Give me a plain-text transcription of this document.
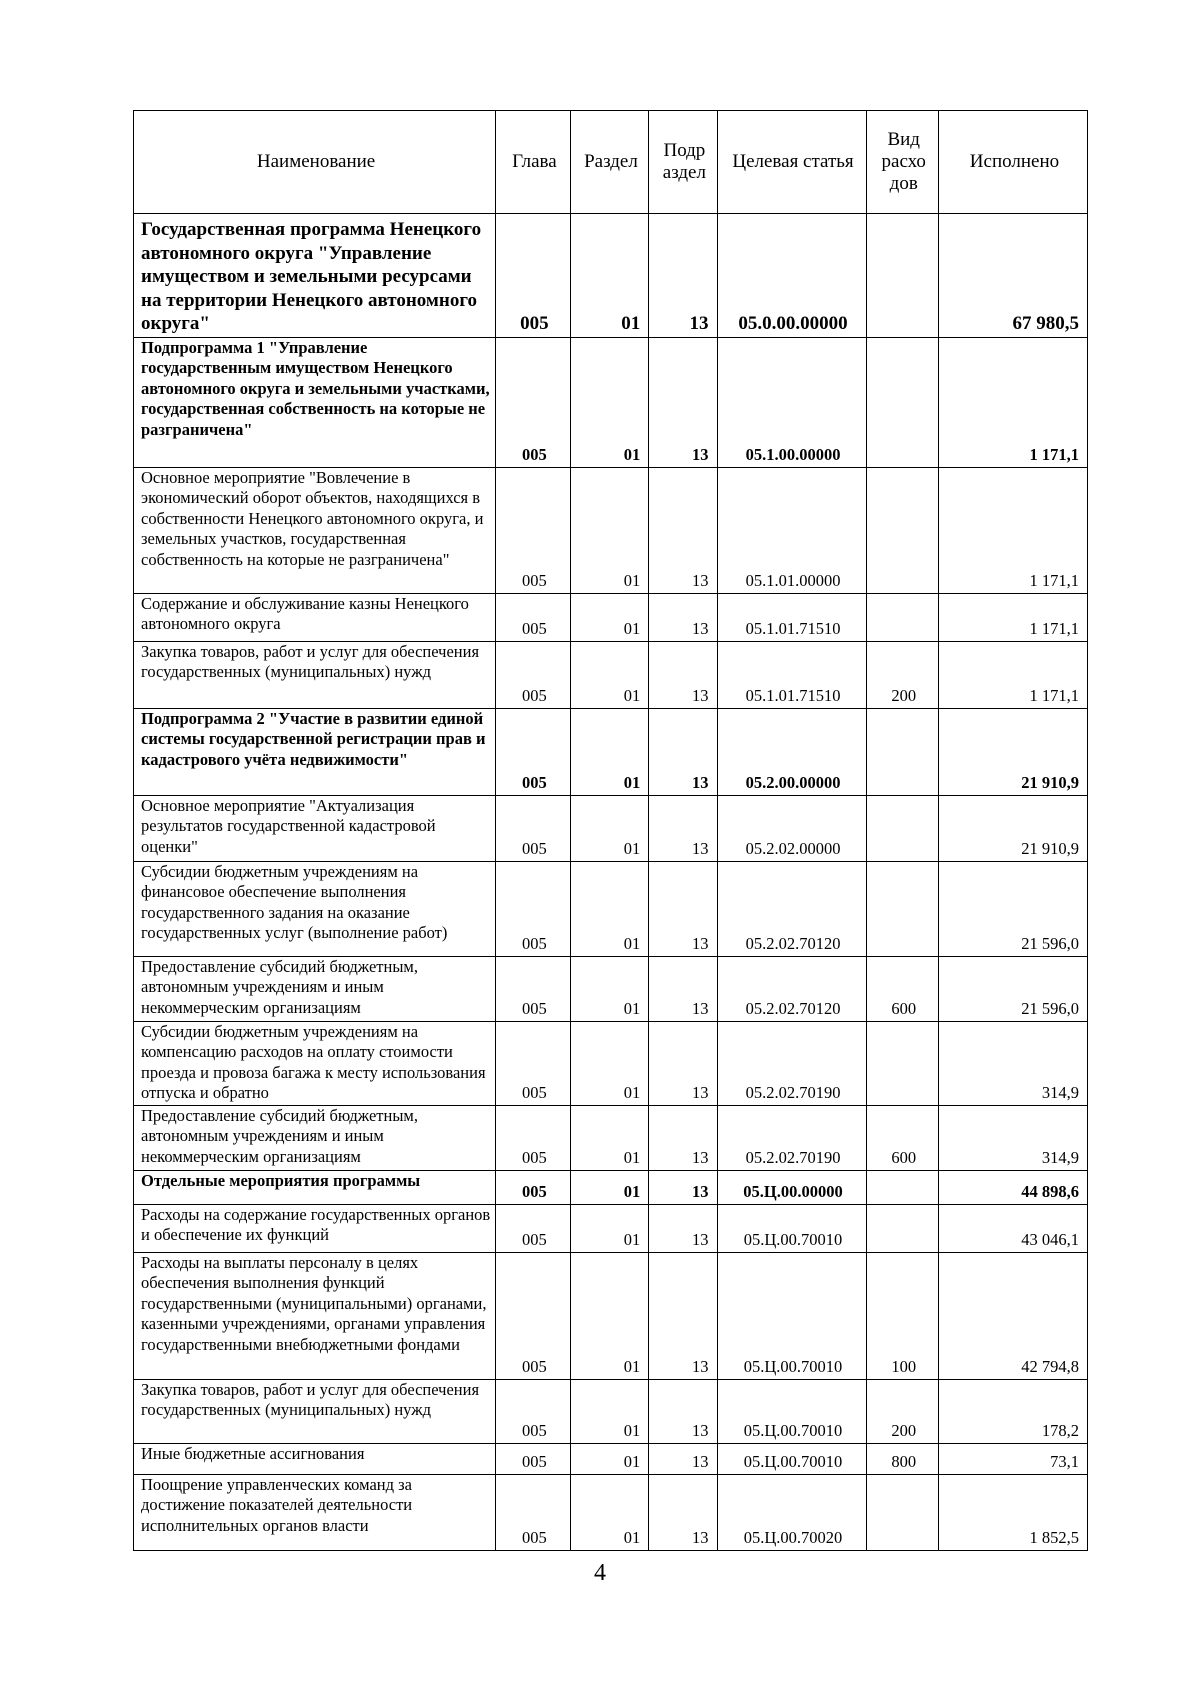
Наименование	Глава	Раздел	Подр аздел	Целевая статья	Вид расхо дов	Исполнено
Государственная программа Ненецкого автономного округа "Управление имуществом и земельными ресурсами на территории Ненецкого автономного округа"	005	01	13	05.0.00.00000		67 980,5
Подпрограмма 1 "Управление государственным имуществом Ненецкого автономного округа и земельными участками, государственная собственность на которые не разграничена"	005	01	13	05.1.00.00000		1 171,1
Основное мероприятие "Вовлечение в экономический оборот объектов, находящихся в собственности Ненецкого автономного округа, и земельных участков, государственная собственность на которые не разграничена"	005	01	13	05.1.01.00000		1 171,1
Содержание и обслуживание казны Ненецкого автономного округа	005	01	13	05.1.01.71510		1 171,1
Закупка товаров, работ и услуг для обеспечения государственных (муниципальных) нужд	005	01	13	05.1.01.71510	200	1 171,1
Подпрограмма 2 "Участие в развитии единой системы государственной регистрации прав и кадастрового учёта недвижимости"	005	01	13	05.2.00.00000		21 910,9
Основное мероприятие "Актуализация результатов государственной кадастровой оценки"	005	01	13	05.2.02.00000		21 910,9
Субсидии бюджетным учреждениям на финансовое обеспечение выполнения государственного задания на оказание государственных услуг (выполнение работ)	005	01	13	05.2.02.70120		21 596,0
Предоставление субсидий бюджетным, автономным учреждениям и иным некоммерческим организациям	005	01	13	05.2.02.70120	600	21 596,0
Субсидии бюджетным учреждениям на компенсацию расходов на оплату стоимости проезда и провоза багажа к месту использования отпуска и обратно	005	01	13	05.2.02.70190		314,9
Предоставление субсидий бюджетным, автономным учреждениям и иным некоммерческим организациям	005	01	13	05.2.02.70190	600	314,9
Отдельные мероприятия программы	005	01	13	05.Ц.00.00000		44 898,6
Расходы на содержание государственных органов и обеспечение их функций	005	01	13	05.Ц.00.70010		43 046,1
Расходы на выплаты персоналу в целях обеспечения выполнения функций государственными (муниципальными) органами, казенными учреждениями, органами управления государственными внебюджетными фондами	005	01	13	05.Ц.00.70010	100	42 794,8
Закупка товаров, работ и услуг для обеспечения государственных (муниципальных) нужд	005	01	13	05.Ц.00.70010	200	178,2
Иные бюджетные ассигнования	005	01	13	05.Ц.00.70010	800	73,1
Поощрение управленческих команд за достижение показателей деятельности исполнительных органов власти	005	01	13	05.Ц.00.70020		1 852,5
4
